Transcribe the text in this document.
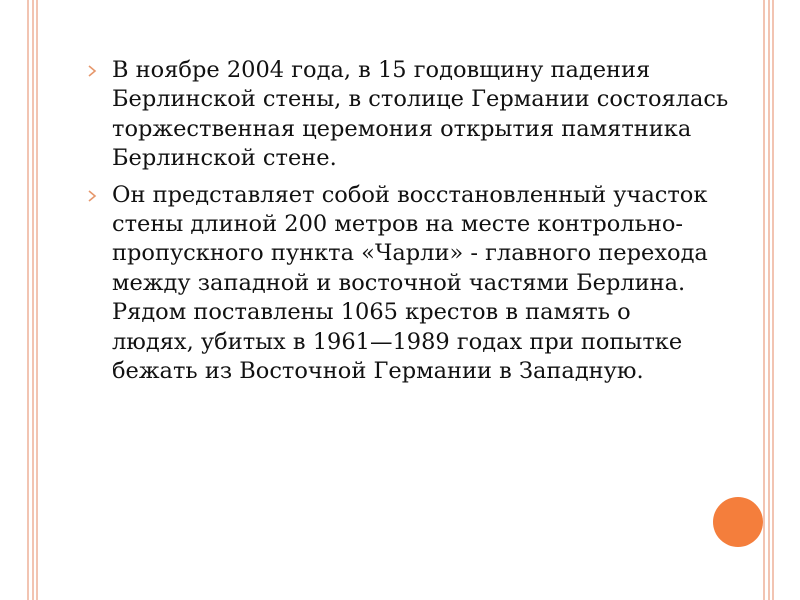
В ноябре 2004 года, в 15 годовщину падения
Берлинской стены, в столице Германии состоялась
торжественная церемония открытия памятника
Берлинской стене.
Он представляет собой восстановленный участок
стены длиной 200 метров на месте контрольно-
пропускного пункта «Чарли» - главного перехода
между западной и восточной частями Берлина.
Рядом поставлены 1065 крестов в память о
людях, убитых в 1961—1989 годах при попытке
бежать из Восточной Германии в Западную.
